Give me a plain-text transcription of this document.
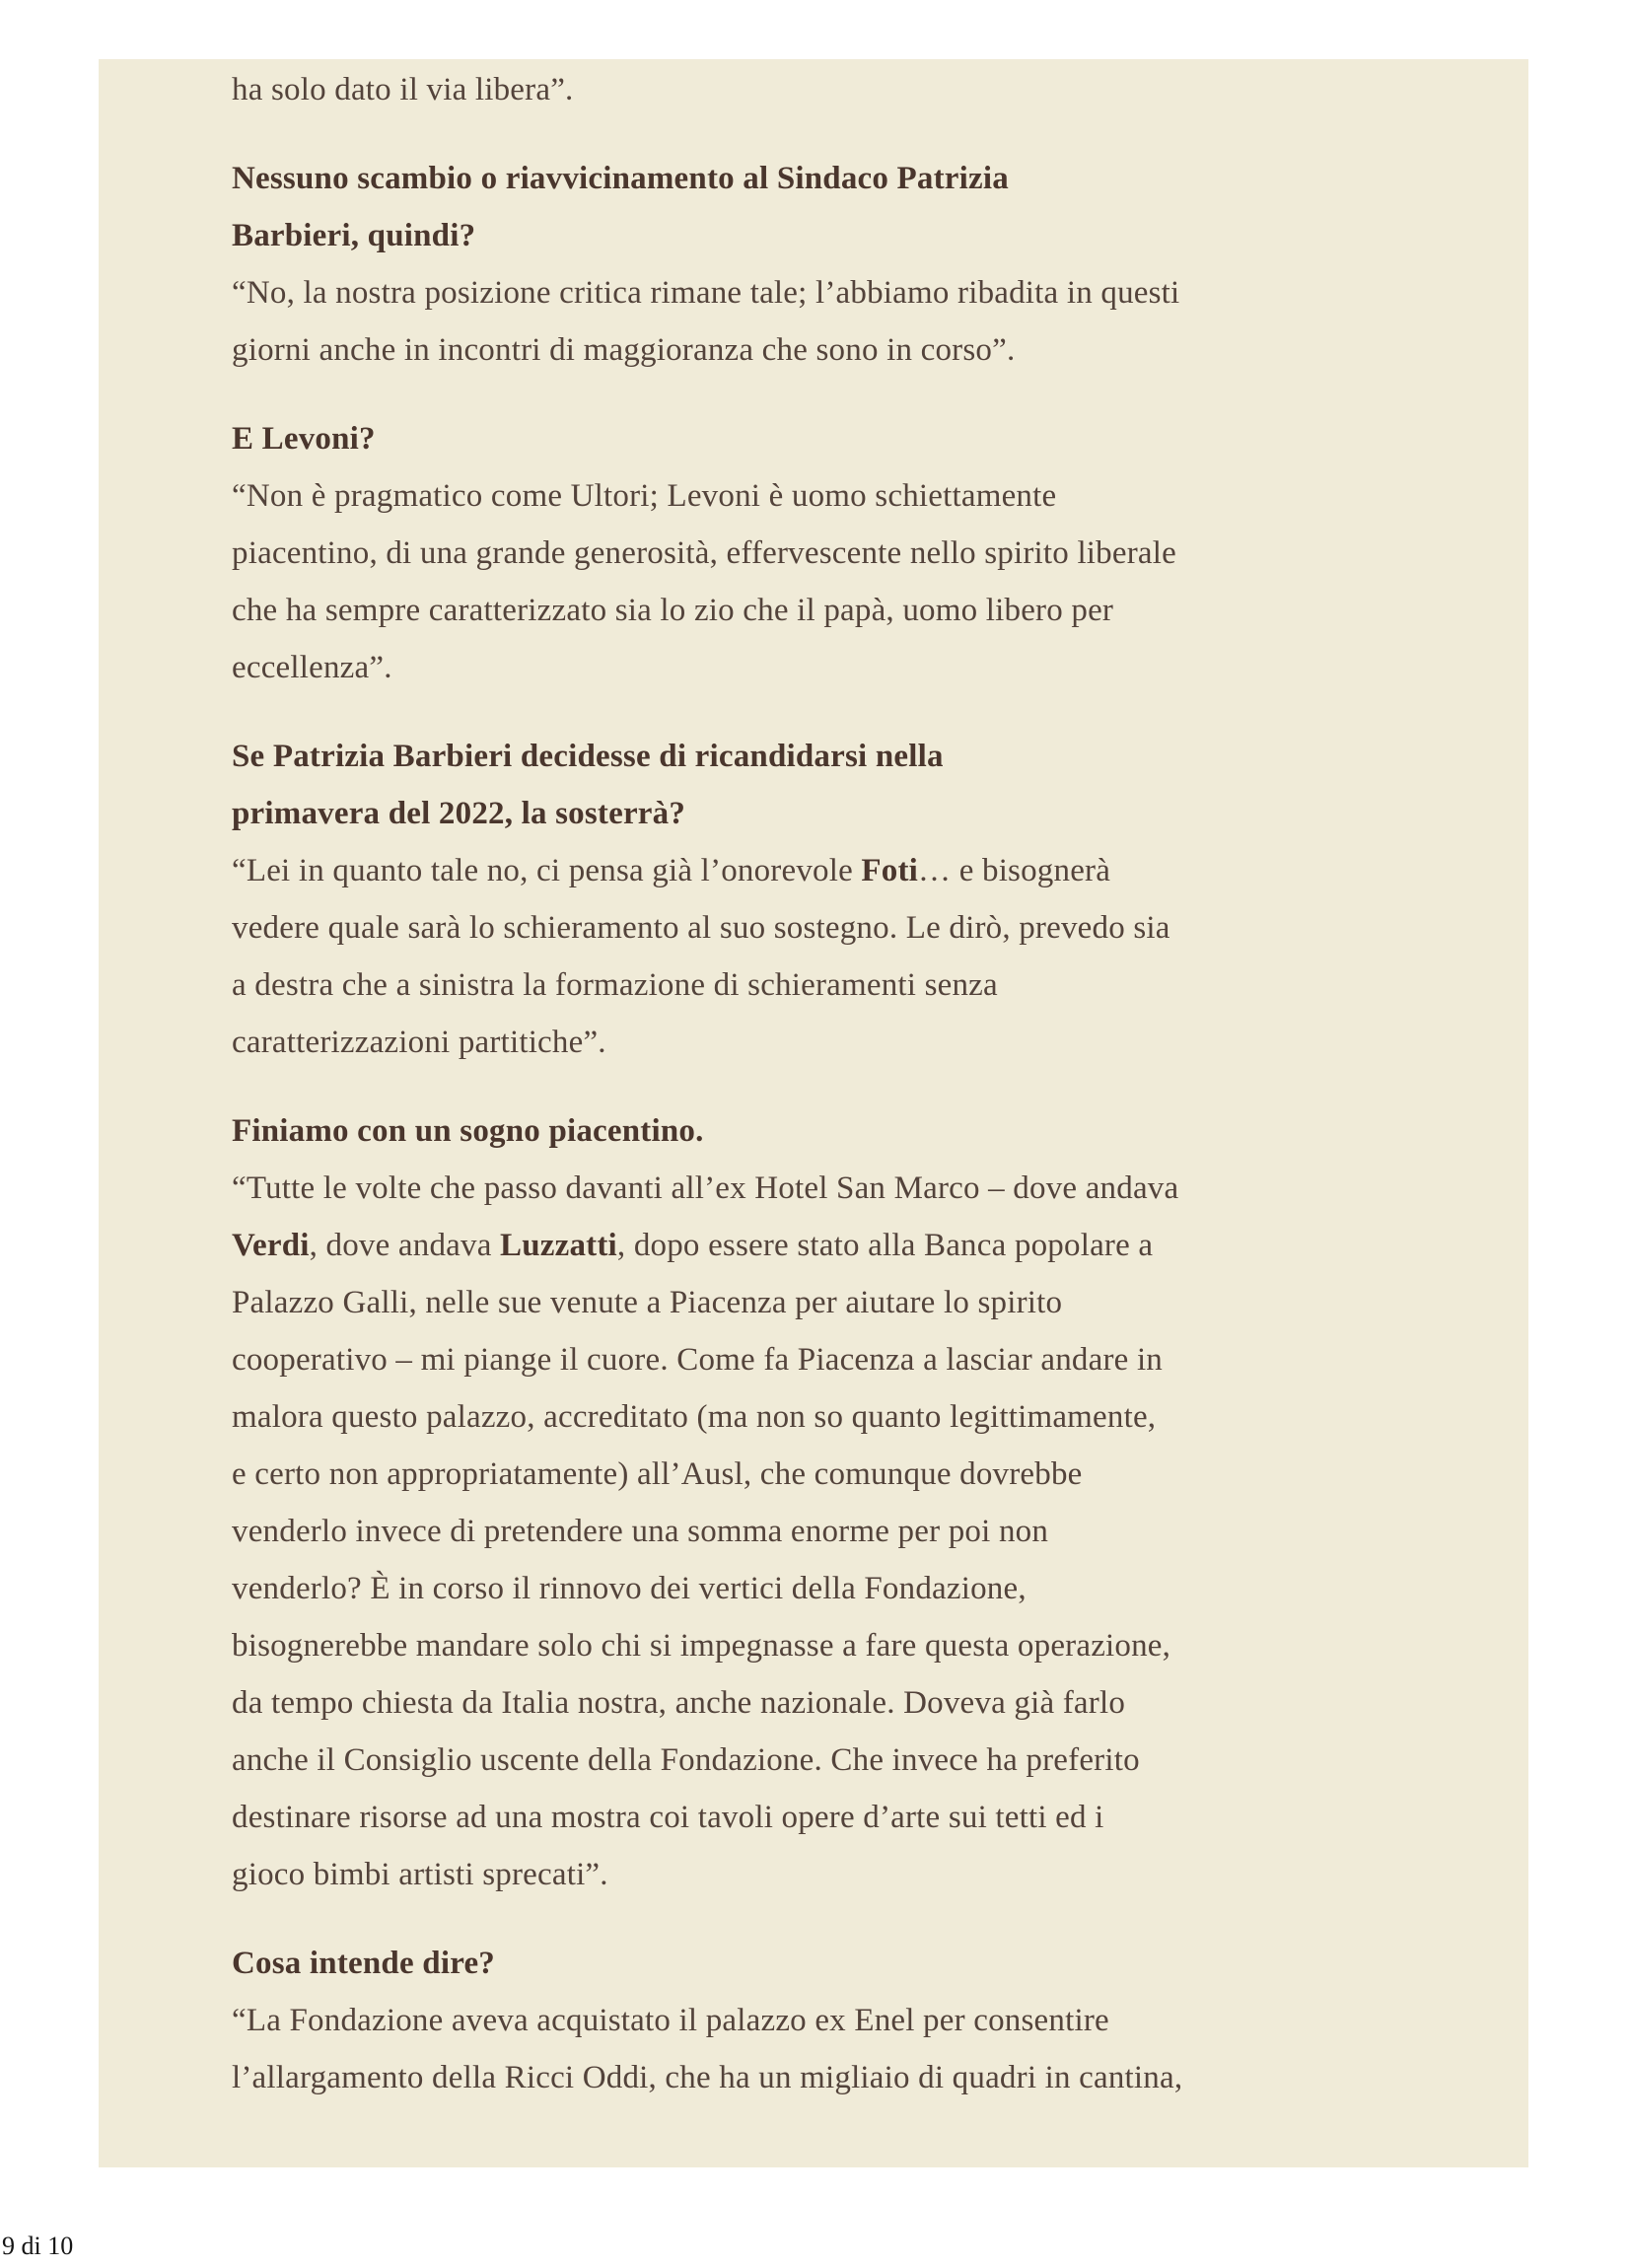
ha solo dato il via libera”.
Nessuno scambio o riavvicinamento al Sindaco Patrizia
Barbieri, quindi?
“No, la nostra posizione critica rimane tale; l’abbiamo ribadita in questi
giorni anche in incontri di maggioranza che sono in corso”.
E Levoni?
“Non è pragmatico come Ultori; Levoni è uomo schiettamente
piacentino, di una grande generosità, effervescente nello spirito liberale
che ha sempre caratterizzato sia lo zio che il papà, uomo libero per
eccellenza”.
Se Patrizia Barbieri decidesse di ricandidarsi nella
primavera del 2022, la sosterrà?
“Lei in quanto tale no, ci pensa già l’onorevole Foti… e bisognerà
vedere quale sarà lo schieramento al suo sostegno. Le dirò, prevedo sia
a destra che a sinistra la formazione di schieramenti senza
caratterizzazioni partitiche”.
Finiamo con un sogno piacentino.
“Tutte le volte che passo davanti all’ex Hotel San Marco – dove andava
Verdi, dove andava Luzzatti, dopo essere stato alla Banca popolare a
Palazzo Galli, nelle sue venute a Piacenza per aiutare lo spirito
cooperativo – mi piange il cuore. Come fa Piacenza a lasciar andare in
malora questo palazzo, accreditato (ma non so quanto legittimamente,
e certo non appropriatamente) all’Ausl, che comunque dovrebbe
venderlo invece di pretendere una somma enorme per poi non
venderlo? È in corso il rinnovo dei vertici della Fondazione,
bisognerebbe mandare solo chi si impegnasse a fare questa operazione,
da tempo chiesta da Italia nostra, anche nazionale. Doveva già farlo
anche il Consiglio uscente della Fondazione. Che invece ha preferito
destinare risorse ad una mostra coi tavoli opere d’arte sui tetti ed i
gioco bimbi artisti sprecati”.
Cosa intende dire?
“La Fondazione aveva acquistato il palazzo ex Enel per consentire
l’allargamento della Ricci Oddi, che ha un migliaio di quadri in cantina,
9 di 10
